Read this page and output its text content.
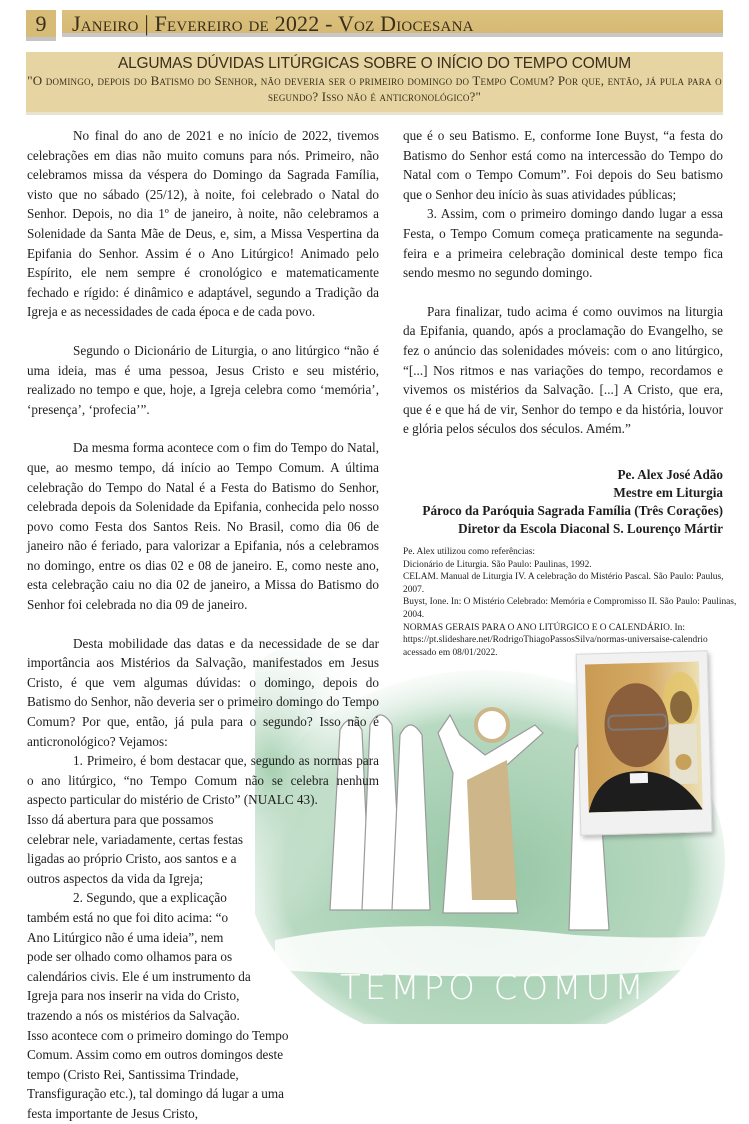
9	Janeiro | Fevereiro de 2022 - Voz Diocesana
ALGUMAS DÚVIDAS LITÚRGICAS SOBRE O INÍCIO DO TEMPO COMUM
"O domingo, depois do Batismo do Senhor, não deveria ser o primeiro domingo do Tempo Comum? Por que, então, já pula para o segundo? Isso não é anticronológico?"
TEMPO COMUM

No final do ano de 2021 e no início de 2022, tivemos celebrações em dias não muito comuns para nós. Primeiro, não celebramos missa da véspera do Domingo da Sagrada Família, visto que no sábado (25/12), à noite, foi celebrado o Natal do Senhor. Depois, no dia 1º de janeiro, à noite, não celebramos a Solenidade da Santa Mãe de Deus, e, sim, a Missa Vespertina da Epifania do Senhor. Assim é o Ano Litúrgico! Animado pelo Espírito, ele nem sempre é cronológico e matematicamente fechado e rígido: é dinâmico e adaptável, segundo a Tradição da Igreja e as necessidades de cada época e de cada povo.

Segundo o Dicionário de Liturgia, o ano litúrgico “não é uma ideia, mas é uma pessoa, Jesus Cristo e seu mistério, realizado no tempo e que, hoje, a Igreja celebra como ‘memória’, ‘presença’, ‘profecia’”.

Da mesma forma acontece com o fim do Tempo do Natal, que, ao mesmo tempo, dá início ao Tempo Comum. A última celebração do Tempo do Natal é a Festa do Batismo do Senhor, celebrada depois da Solenidade da Epifania, conhecida pelo nosso povo como Festa dos Santos Reis. No Brasil, como dia 06 de janeiro não é feriado, para valorizar a Epifania, nós a celebramos no domingo, entre os dias 02 e 08 de janeiro. E, como neste ano, esta celebração caiu no dia 02 de janeiro, a Missa do Batismo do Senhor foi celebrada no dia 09 de janeiro.

Desta mobilidade das datas e da necessidade de se dar importância aos Mistérios da Salvação, manifestados em Jesus Cristo, é que vem algumas dúvidas: o domingo, depois do Batismo do Senhor, não deveria ser o primeiro domingo do Tempo Comum? Por que, então, já pula para o segundo? Isso não é anticronológico? Vejamos:

1. Primeiro, é bom destacar que, segundo as normas para o ano litúrgico, “no Tempo Comum não se celebra nenhum aspecto particular do mistério de Cristo” (NUALC 43).

Isso dá abertura para que possamos celebrar nele, variadamente, certas festas ligadas ao próprio Cristo, aos santos e a outros aspectos da vida da Igreja;

2. Segundo, que a explicação também está no que foi dito acima: “o Ano Litúrgico não é uma ideia”, nem pode ser olhado como olhamos para os calendários civis. Ele é um instrumento da Igreja para nos inserir na vida do Cristo, trazendo a nós os mistérios da Salvação.

Isso acontece com o primeiro domingo do Tempo Comum. Assim como em outros domingos deste tempo (Cristo Rei, Santissima Trindade, Transfiguração etc.), tal domingo dá lugar a uma festa importante de Jesus Cristo,

que é o seu Batismo. E, conforme Ione Buyst, “a festa do Batismo do Senhor está como na intercessão do Tempo do Natal com o Tempo Comum”. Foi depois do Seu batismo que o Senhor deu início às suas atividades públicas;

3. Assim, com o primeiro domingo dando lugar a essa Festa, o Tempo Comum começa praticamente na segunda-feira e a primeira celebração dominical deste tempo fica sendo mesmo no segundo domingo.

Para finalizar, tudo acima é como ouvimos na liturgia da Epifania, quando, após a proclamação do Evangelho, se fez o anúncio das solenidades móveis: com o ano litúrgico, “[...] Nos ritmos e nas variações do tempo, recordamos e vivemos os mistérios da Salvação. [...] A Cristo, que era, que é e que há de vir, Senhor do tempo e da história, louvor e glória pelos séculos dos séculos. Amém.”

Pe. Alex José Adão
Mestre em Liturgia
Pároco da Paróquia Sagrada Família (Três Corações)
Diretor da Escola Diaconal S. Lourenço Mártir
Pe. Alex utilizou como referências:
Dicionário de Liturgia. São Paulo: Paulinas, 1992.
CELAM. Manual de Liturgia IV. A celebração do Mistério Pascal. São Paulo: Paulus, 2007.
Buyst, Ione. In: O Mistério Celebrado: Memória e Compromisso II. São Paulo: Paulinas, 2004.
NORMAS GERAIS PARA O ANO LITÚRGICO E O CALENDÁRIO. In:
https://pt.slideshare.net/RodrigoThiagoPassosSilva/normas-universaise-calendrio
acessado em 08/01/2022.
